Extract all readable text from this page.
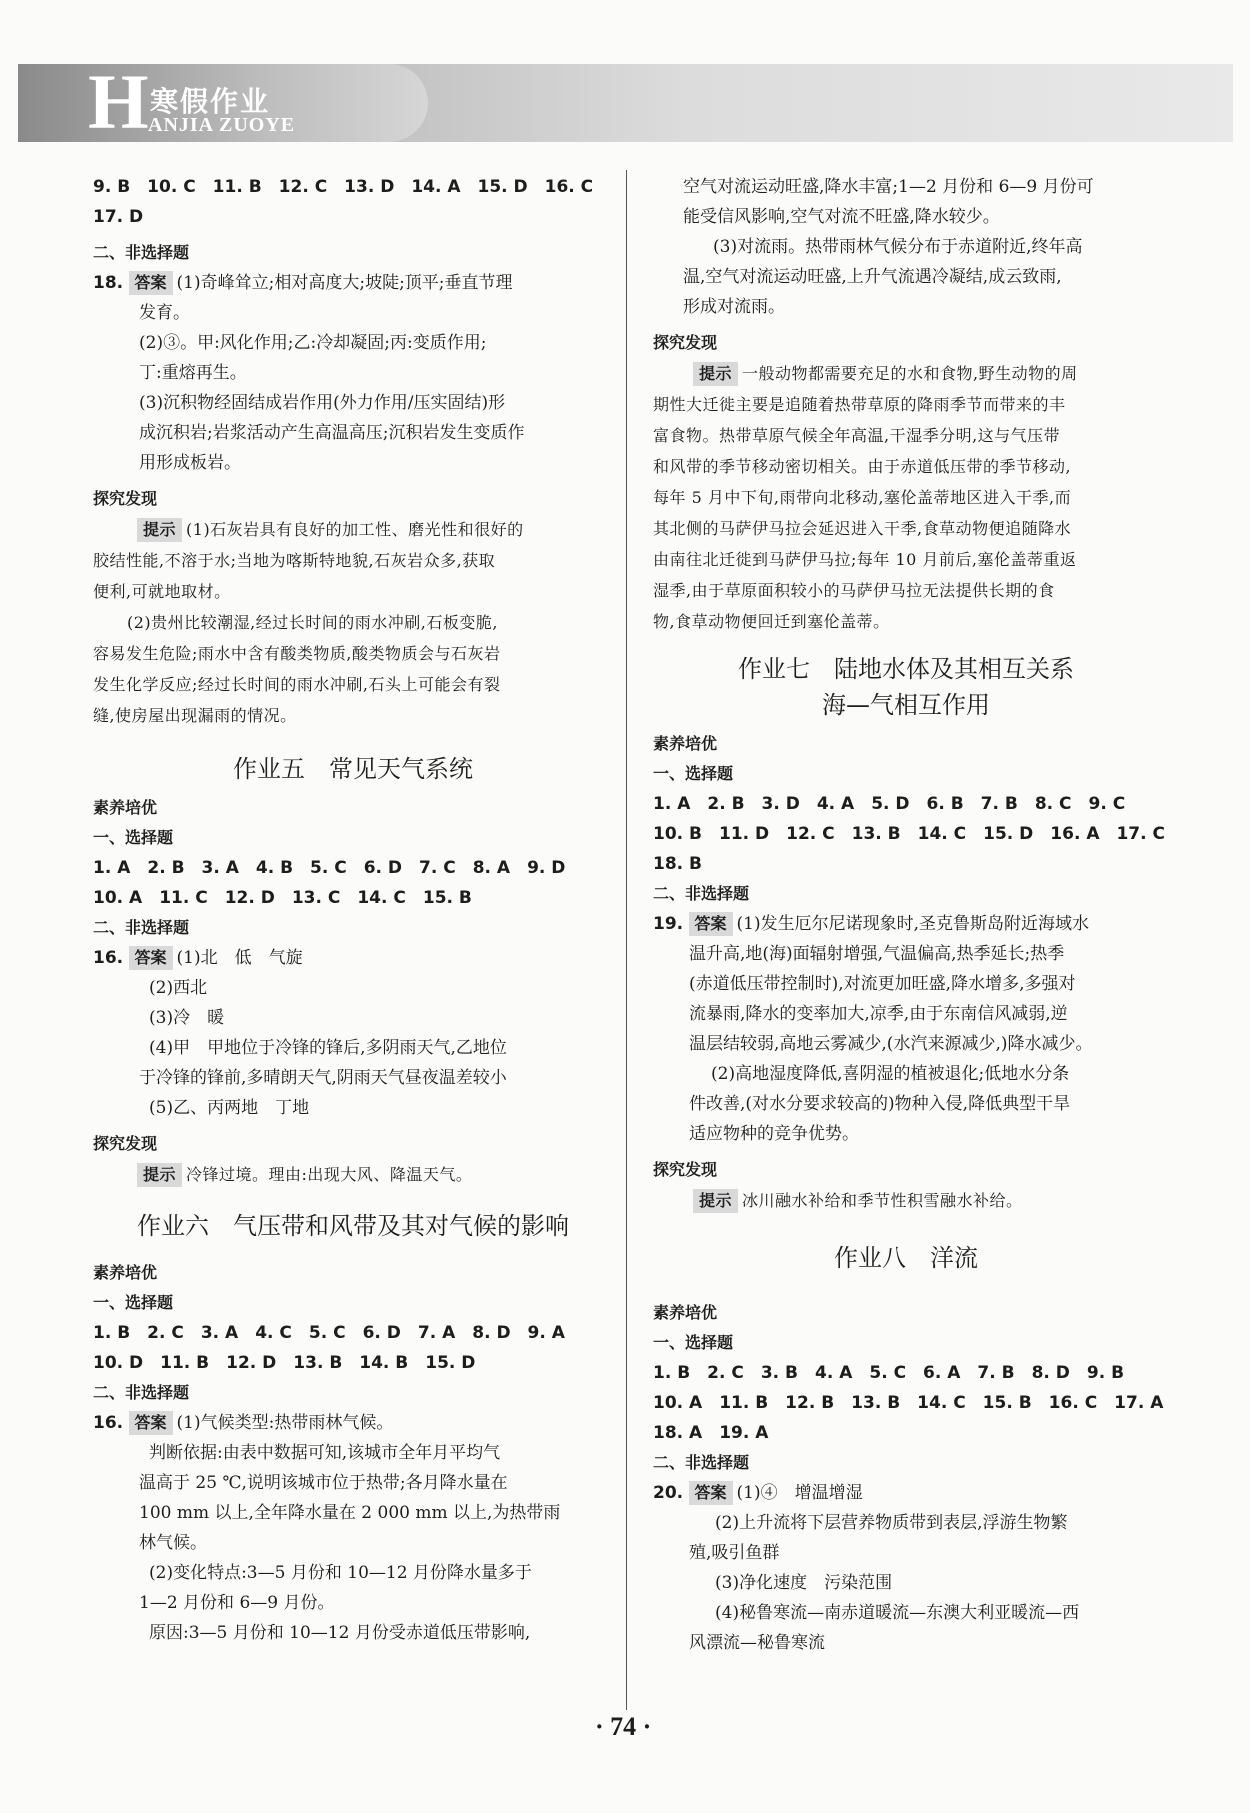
H 寒假作业
ANJIA ZUOYE
9. B　10. C　11. B　12. C　13. D　14. A　15. D　16. C
17. D
二、非选择题
18. 答案 (1)奇峰耸立;相对高度大;坡陡;顶平;垂直节理
发育。
(2)③。甲:风化作用;乙:冷却凝固;丙:变质作用;
丁:重熔再生。
(3)沉积物经固结成岩作用(外力作用/压实固结)形
成沉积岩;岩浆活动产生高温高压;沉积岩发生变质作
用形成板岩。
探究发现
提示 (1)石灰岩具有良好的加工性、磨光性和很好的
胶结性能,不溶于水;当地为喀斯特地貌,石灰岩众多,获取
便利,可就地取材。
(2)贵州比较潮湿,经过长时间的雨水冲刷,石板变脆,
容易发生危险;雨水中含有酸类物质,酸类物质会与石灰岩
发生化学反应;经过长时间的雨水冲刷,石头上可能会有裂
缝,使房屋出现漏雨的情况。
作业五　常见天气系统
素养培优
一、选择题
1. A　2. B　3. A　4. B　5. C　6. D　7. C　8. A　9. D
10. A　11. C　12. D　13. C　14. C　15. B
二、非选择题
16. 答案 (1)北　低　气旋
(2)西北
(3)冷　暖
(4)甲　甲地位于冷锋的锋后,多阴雨天气,乙地位
于冷锋的锋前,多晴朗天气,阴雨天气昼夜温差较小
(5)乙、丙两地　丁地
探究发现
提示 冷锋过境。理由:出现大风、降温天气。
作业六　气压带和风带及其对气候的影响
素养培优
一、选择题
1. B　2. C　3. A　4. C　5. C　6. D　7. A　8. D　9. A
10. D　11. B　12. D　13. B　14. B　15. D
二、非选择题
16. 答案 (1)气候类型:热带雨林气候。
判断依据:由表中数据可知,该城市全年月平均气
温高于 25 ℃,说明该城市位于热带;各月降水量在
100 mm 以上,全年降水量在 2 000 mm 以上,为热带雨
林气候。
(2)变化特点:3—5 月份和 10—12 月份降水量多于
1—2 月份和 6—9 月份。
原因:3—5 月份和 10—12 月份受赤道低压带影响,
空气对流运动旺盛,降水丰富;1—2 月份和 6—9 月份可
能受信风影响,空气对流不旺盛,降水较少。
(3)对流雨。热带雨林气候分布于赤道附近,终年高
温,空气对流运动旺盛,上升气流遇冷凝结,成云致雨,
形成对流雨。
探究发现
提示 一般动物都需要充足的水和食物,野生动物的周
期性大迁徙主要是追随着热带草原的降雨季节而带来的丰
富食物。热带草原气候全年高温,干湿季分明,这与气压带
和风带的季节移动密切相关。由于赤道低压带的季节移动,
每年 5 月中下旬,雨带向北移动,塞伦盖蒂地区进入干季,而
其北侧的马萨伊马拉会延迟进入干季,食草动物便追随降水
由南往北迁徙到马萨伊马拉;每年 10 月前后,塞伦盖蒂重返
湿季,由于草原面积较小的马萨伊马拉无法提供长期的食
物,食草动物便回迁到塞伦盖蒂。
作业七　陆地水体及其相互关系
海—气相互作用
素养培优
一、选择题
1. A　2. B　3. D　4. A　5. D　6. B　7. B　8. C　9. C
10. B　11. D　12. C　13. B　14. C　15. D　16. A　17. C
18. B
二、非选择题
19. 答案 (1)发生厄尔尼诺现象时,圣克鲁斯岛附近海域水
温升高,地(海)面辐射增强,气温偏高,热季延长;热季
(赤道低压带控制时),对流更加旺盛,降水增多,多强对
流暴雨,降水的变率加大,凉季,由于东南信风减弱,逆
温层结较弱,高地云雾减少,(水汽来源减少,)降水减少。
(2)高地湿度降低,喜阴湿的植被退化;低地水分条
件改善,(对水分要求较高的)物种入侵,降低典型干旱
适应物种的竞争优势。
探究发现
提示 冰川融水补给和季节性积雪融水补给。
作业八　洋流
素养培优
一、选择题
1. B　2. C　3. B　4. A　5. C　6. A　7. B　8. D　9. B
10. A　11. B　12. B　13. B　14. C　15. B　16. C　17. A
18. A　19. A
二、非选择题
20. 答案 (1)④　增温增湿
(2)上升流将下层营养物质带到表层,浮游生物繁
殖,吸引鱼群
(3)净化速度　污染范围
(4)秘鲁寒流—南赤道暖流—东澳大利亚暖流—西
风漂流—秘鲁寒流
· 74 ·
